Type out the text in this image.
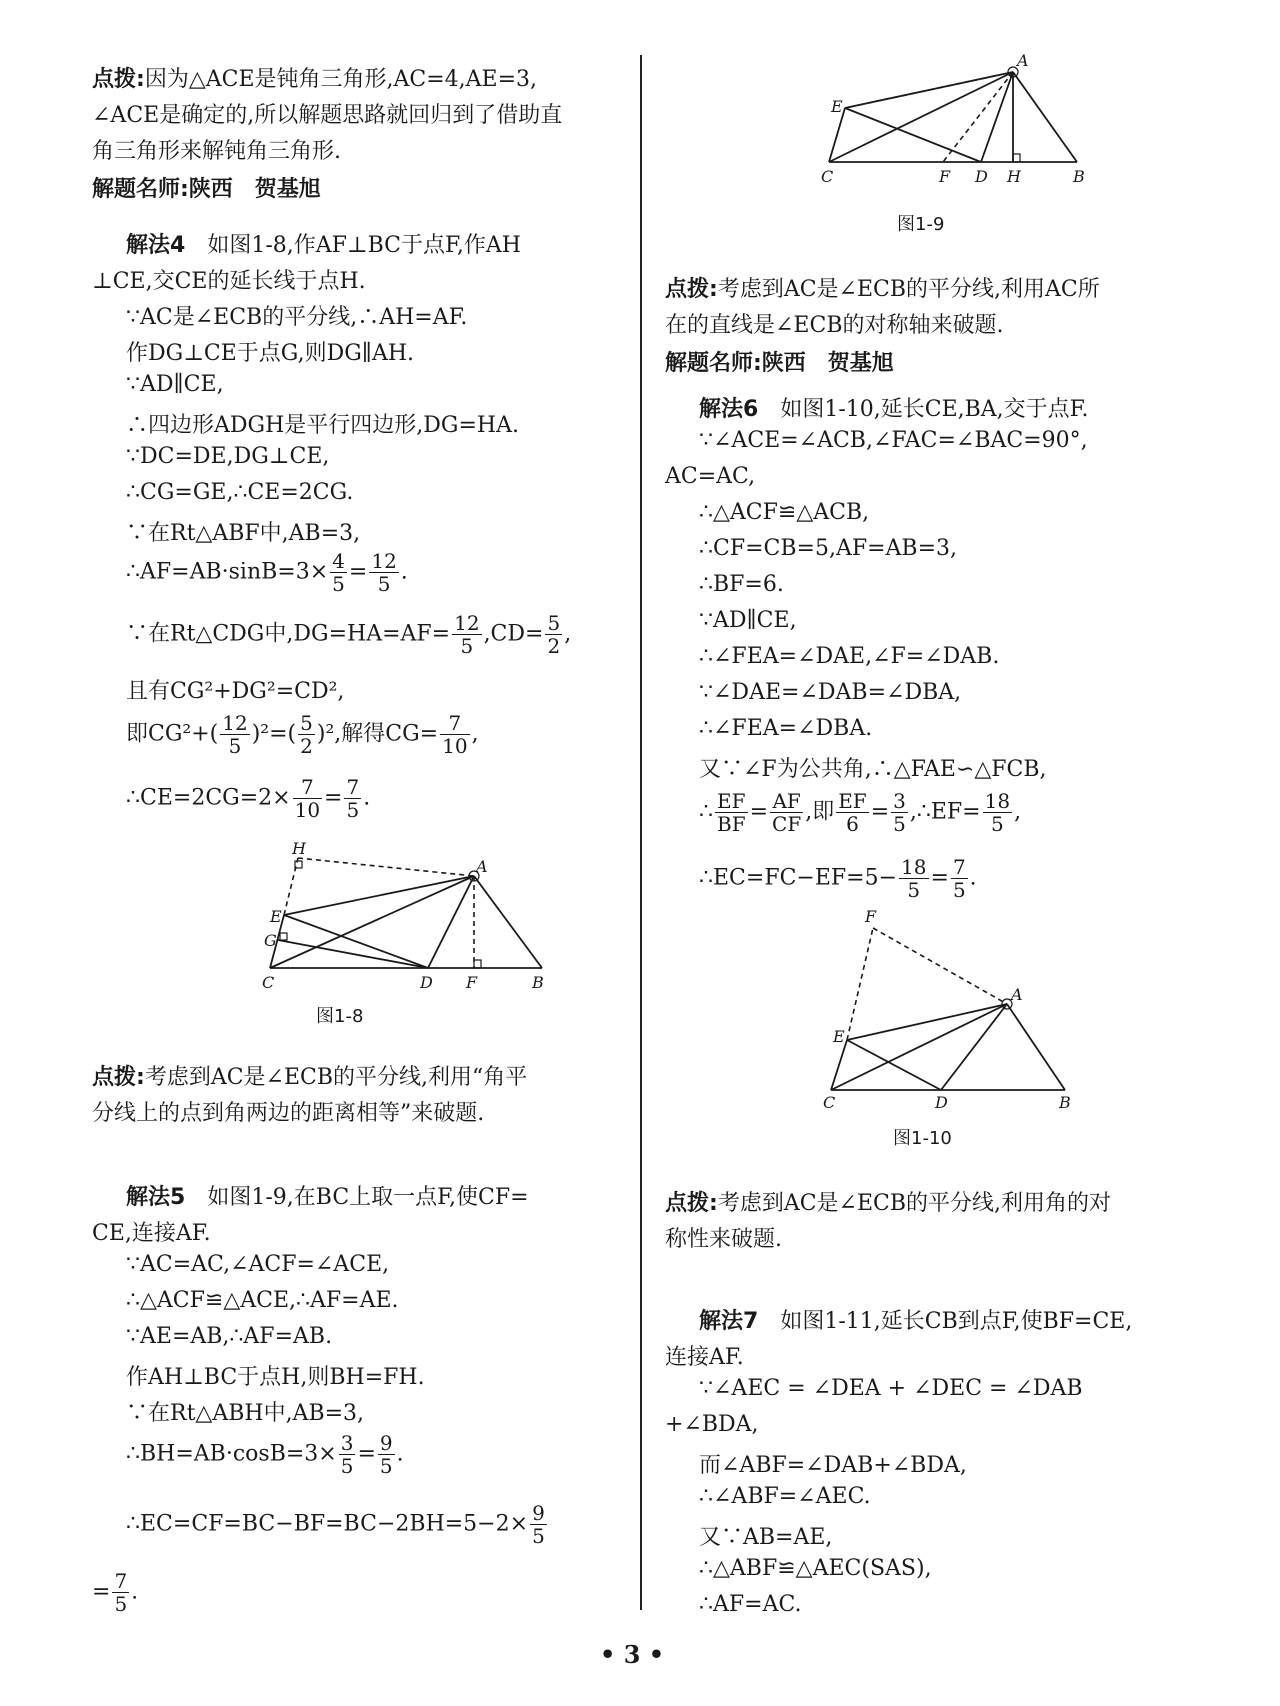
点拨:因为△ACE是钝角三角形,AC=4,AE=3,
∠ACE是确定的,所以解题思路就回归到了借助直
角三角形来解钝角三角形.
解题名师:陕西　贺基旭
解法4　 如图1-8,作AF⊥BC于点F,作AH
⊥CE,交CE的延长线于点H.
∵AC是∠ECB的平分线,∴AH=AF.
作DG⊥CE于点G,则DG∥AH.
∵AD∥CE,
∴四边形ADGH是平行四边形,DG=HA.
∵DC=DE,DG⊥CE,
∴CG=GE,∴CE=2CG.
∵在Rt△ABF中,AB=3,
∴AF=AB·sinB=3× $\frac{4}{5} = \frac{12}{5}$ .
∵在Rt△CDG中$,DG=HA=AF= \frac{12}{5} ,CD= \frac{5}{2}$ ,
且有CG²+DG²=CD²,
即$CG^2+( \frac{12}{5} )^2=( \frac{5}{2} )^2$,解得$CG= \frac{7}{10}$ ,
∴CE=2CG=2× $\frac{7}{10} = \frac{7}{5}$ .
A
B
C	D
E
F
G
H
图1-8
点拨:考虑到AC是∠ECB的平分线,利用“角平
分线上的点到角两边的距离相等”来破题.
解法5　 如图1-9,在BC上取一点F,使CF=
CE,连接AF.
∵AC=AC,∠ACF=∠ACE,
∴△ACF≌△ACE,∴AF=AE.
∵AE=AB,∴AF=AB.
作AH⊥BC于点H,则BH=FH.
∵在Rt△ABH中,AB=3,
∴BH=AB·cosB=3× $\frac{3}{5} = \frac{9}{5}$ .
∴EC=CF=BC−BF=BC−2BH=5−2× $\frac{9}{5}$
= $\frac{7}{5}$ .
A
B
C	D
E
F	H
图1-9
点拨:考虑到AC是∠ECB的平分线,利用AC所
在的直线是∠ECB的对称轴来破题.
解题名师:陕西　贺基旭
解法6　 如图1-10,延长CE,BA,交于点F.
∵∠ACE=∠ACB,∠FAC=∠BAC=90°,
AC=AC,
∴△ACF≌△ACB,
∴CF=CB=5,AF=AB=3,
∴BF=6.
∵AD∥CE,
∴∠FEA=∠DAE,∠F=∠DAB.
∵∠DAE=∠DAB=∠DBA,
∴∠FEA=∠DBA.
又∵∠F为公共角,∴△FAE∽△FCB,
∴ $\frac{EF}{BF} = \frac{AF}{CF}$ ,即 $\frac{EF}{6} = \frac{3}{5}$ ,∴EF= $\frac{18}{5}$ ,
∴EC=FC−EF=5− $\frac{18}{5} = \frac{7}{5}$ .
A
B
C	D
E
F
图1-10
点拨:考虑到AC是∠ECB的平分线,利用角的对
称性来破题.
解法7　 如图1-11,延长CB到点F,使BF=CE,
连接AF.
∵∠AEC = ∠DEA + ∠DEC = ∠DAB
+∠BDA,
而∠ABF=∠DAB+∠BDA,
∴∠ABF=∠AEC.
又∵AB=AE,
∴△ABF≌△AEC(SAS),
∴AF=AC.
• 3 •
